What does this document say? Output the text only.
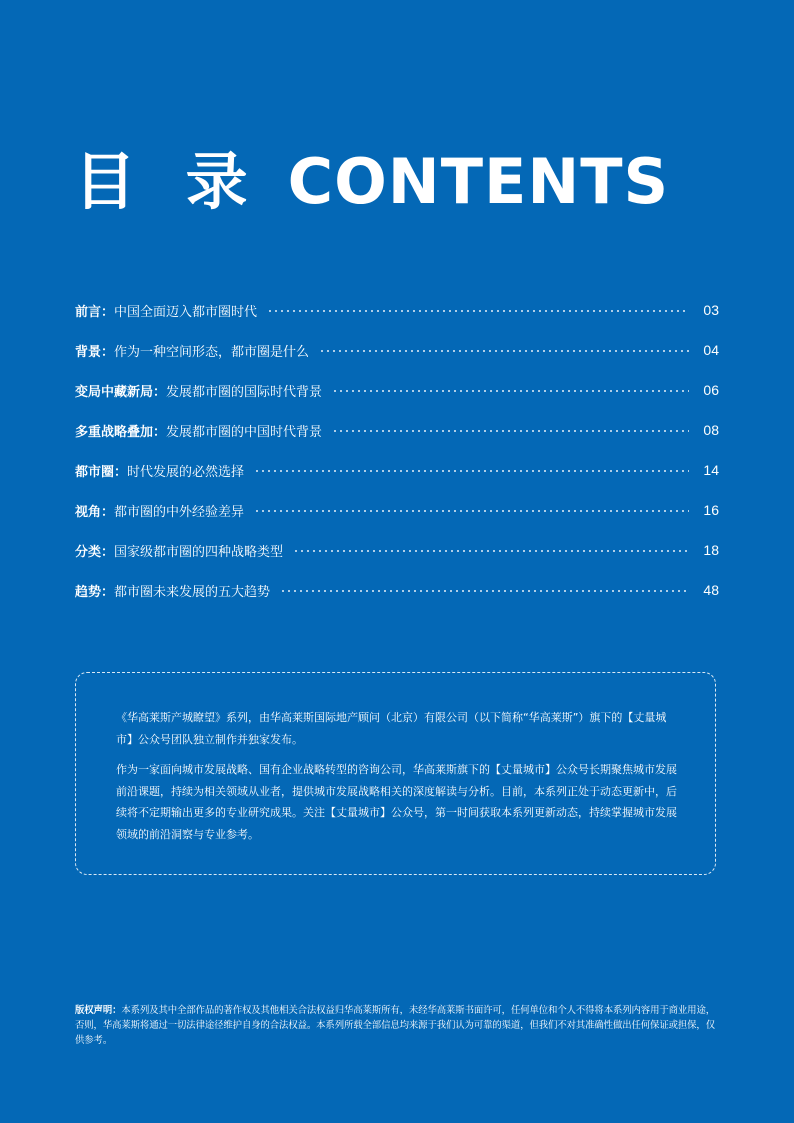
目 录 CONTENTS
前言：中国全面迈入都市圈时代	03
背景：作为一种空间形态，都市圈是什么	04
变局中藏新局：发展都市圈的国际时代背景	06
多重战略叠加：发展都市圈的中国时代背景	08
都市圈：时代发展的必然选择	14
视角：都市圈的中外经验差异	16
分类：国家级都市圈的四种战略类型	18
趋势：都市圈未来发展的五大趋势	48

《华高莱斯产城瞭望》系列，由华高莱斯国际地产顾问（北京）有限公司（以下简称“华高莱斯”）旗下的【丈量城市】公众号团队独立制作并独家发布。

作为一家面向城市发展战略、国有企业战略转型的咨询公司，华高莱斯旗下的【丈量城市】公众号长期聚焦城市发展前沿课题，持续为相关领域从业者，提供城市发展战略相关的深度解读与分析。目前，本系列正处于动态更新中，后续将不定期输出更多的专业研究成果。关注【丈量城市】公众号，第一时间获取本系列更新动态，持续掌握城市发展领域的前沿洞察与专业参考。

版权声明：本系列及其中全部作品的著作权及其他相关合法权益归华高莱斯所有，未经华高莱斯书面许可，任何单位和个人不得将本系列内容用于商业用途，否则，华高莱斯将通过一切法律途径维护自身的合法权益。本系列所载全部信息均来源于我们认为可靠的渠道，但我们不对其准确性做出任何保证或担保，仅供参考。
